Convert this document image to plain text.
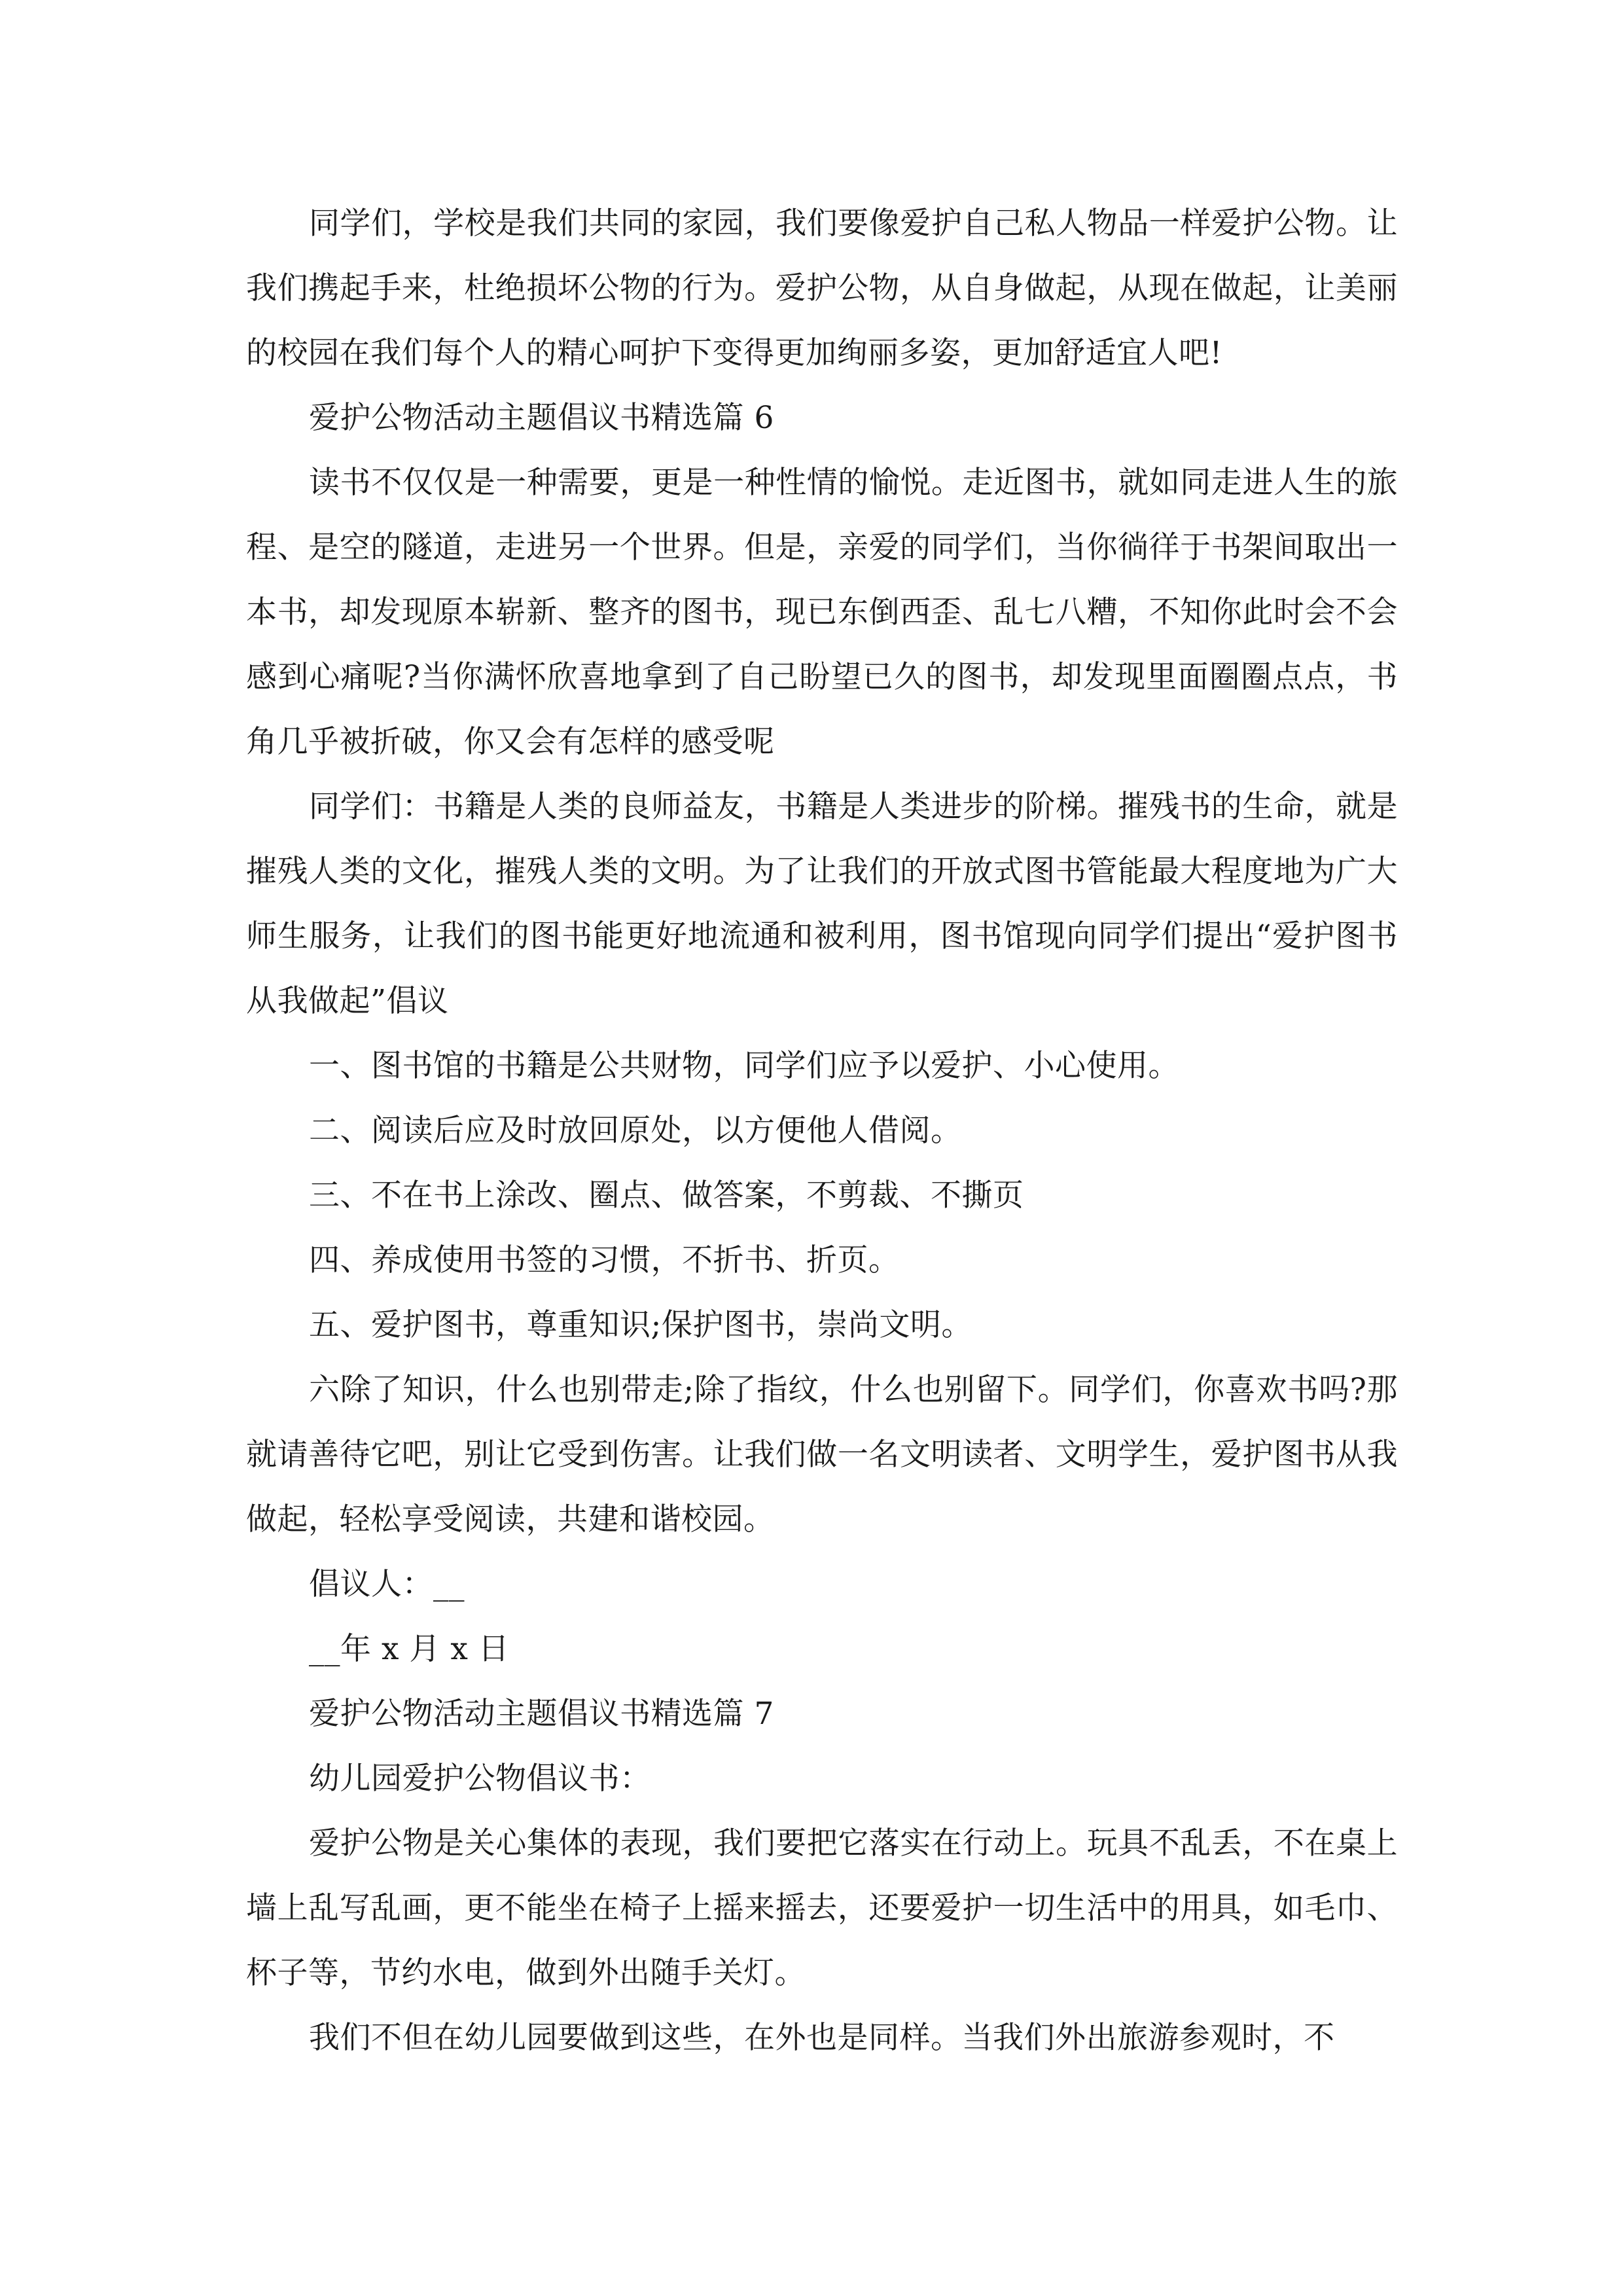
同学们，学校是我们共同的家园，我们要像爱护自己私人物品一样爱护公物。让我们携起手来，杜绝损坏公物的行为。爱护公物，从自身做起，从现在做起，让美丽的校园在我们每个人的精心呵护下变得更加绚丽多姿，更加舒适宜人吧!

爱护公物活动主题倡议书精选篇 6

读书不仅仅是一种需要，更是一种性情的愉悦。走近图书，就如同走进人生的旅程、是空的隧道，走进另一个世界。但是，亲爱的同学们，当你徜徉于书架间取出一本书，却发现原本崭新、整齐的图书，现已东倒西歪、乱七八糟，不知你此时会不会感到心痛呢?当你满怀欣喜地拿到了自己盼望已久的图书，却发现里面圈圈点点，书角几乎被折破，你又会有怎样的感受呢

同学们：书籍是人类的良师益友，书籍是人类进步的阶梯。摧残书的生命，就是摧残人类的文化，摧残人类的文明。为了让我们的开放式图书管能最大程度地为广大师生服务，让我们的图书能更好地流通和被利用，图书馆现向同学们提出“爱护图书从我做起”倡议

一、图书馆的书籍是公共财物，同学们应予以爱护、小心使用。

二、阅读后应及时放回原处，以方便他人借阅。

三、不在书上涂改、圈点、做答案，不剪裁、不撕页

四、养成使用书签的习惯，不折书、折页。

五、爱护图书，尊重知识;保护图书，崇尚文明。

六除了知识，什么也别带走;除了指纹，什么也别留下。同学们，你喜欢书吗?那就请善待它吧，别让它受到伤害。让我们做一名文明读者、文明学生，爱护图书从我做起，轻松享受阅读，共建和谐校园。

倡议人：__

__年 x 月 x 日

爱护公物活动主题倡议书精选篇 7

幼儿园爱护公物倡议书：

爱护公物是关心集体的表现，我们要把它落实在行动上。玩具不乱丢，不在桌上墙上乱写乱画，更不能坐在椅子上摇来摇去，还要爱护一切生活中的用具，如毛巾、杯子等，节约水电，做到外出随手关灯。

我们不但在幼儿园要做到这些，在外也是同样。当我们外出旅游参观时，不
